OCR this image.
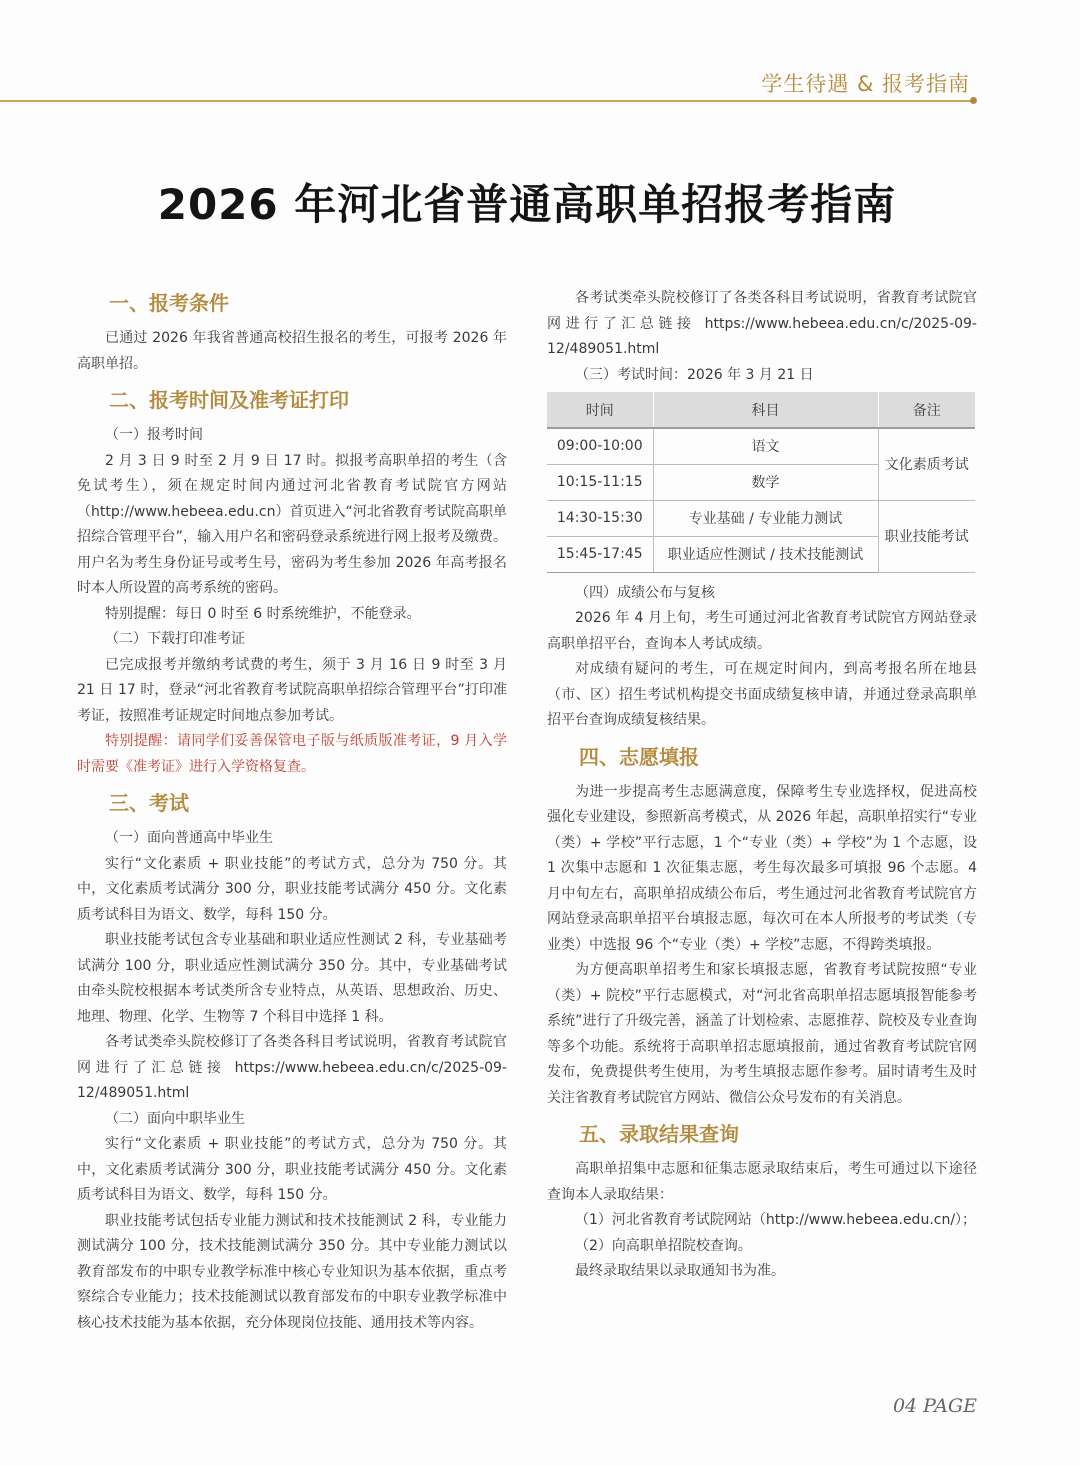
学生待遇 & 报考指南
2026 年河北省普通高职单招报考指南
一、报考条件

已通过 2026 年我省普通高校招生报名的考生，可报考 2026 年高职单招。

二、报考时间及准考证打印
（一）报考时间

2 月 3 日 9 时至 2 月 9 日 17 时。拟报考高职单招的考生（含免试考生），须在规定时间内通过河北省教育考试院官方网站（http://www.hebeea.edu.cn）首页进入“河北省教育考试院高职单招综合管理平台”，输入用户名和密码登录系统进行网上报考及缴费。用户名为考生身份证号或考生号，密码为考生参加 2026 年高考报名时本人所设置的高考系统的密码。

特别提醒：每日 0 时至 6 时系统维护，不能登录。

（二）下载打印准考证

已完成报考并缴纳考试费的考生，须于 3 月 16 日 9 时至 3 月 21 日 17 时，登录“河北省教育考试院高职单招综合管理平台”打印准考证，按照准考证规定时间地点参加考试。

特别提醒：请同学们妥善保管电子版与纸质版准考证，9 月入学时需要《准考证》进行入学资格复查。

三、考试
（一）面向普通高中毕业生

实行“文化素质 + 职业技能”的考试方式，总分为 750 分。其中，文化素质考试满分 300 分，职业技能考试满分 450 分。文化素质考试科目为语文、数学，每科 150 分。

职业技能考试包含专业基础和职业适应性测试 2 科，专业基础考试满分 100 分，职业适应性测试满分 350 分。其中，专业基础考试由牵头院校根据本考试类所含专业特点，从英语、思想政治、历史、地理、物理、化学、生物等 7 个科目中选择 1 科。

各考试类牵头院校修订了各类各科目考试说明，省教育考试院官网进行了汇总链接 https://www.hebeea.edu.cn/c/2025-09-12/489051.html

（二）面向中职毕业生

实行“文化素质 + 职业技能”的考试方式，总分为 750 分。其中，文化素质考试满分 300 分，职业技能考试满分 450 分。文化素质考试科目为语文、数学，每科 150 分。

职业技能考试包括专业能力测试和技术技能测试 2 科，专业能力测试满分 100 分，技术技能测试满分 350 分。其中专业能力测试以教育部发布的中职专业教学标准中核心专业知识为基本依据，重点考察综合专业能力；技术技能测试以教育部发布的中职专业教学标准中核心技术技能为基本依据，充分体现岗位技能、通用技术等内容。

各考试类牵头院校修订了各类各科目考试说明，省教育考试院官网进行了汇总链接 https://www.hebeea.edu.cn/c/2025-09-12/489051.html

（三）考试时间：2026 年 3 月 21 日
时间	科目	备注
09:00-10:00	语文	文化素质考试
10:15-11:15	数学	
14:30-15:30	专业基础 / 专业能力测试	职业技能考试
15:45-17:45	职业适应性测试 / 技术技能测试	
（四）成绩公布与复核

2026 年 4 月上旬，考生可通过河北省教育考试院官方网站登录高职单招平台，查询本人考试成绩。

对成绩有疑问的考生，可在规定时间内，到高考报名所在地县（市、区）招生考试机构提交书面成绩复核申请，并通过登录高职单招平台查询成绩复核结果。

四、志愿填报

为进一步提高考生志愿满意度，保障考生专业选择权，促进高校强化专业建设，参照新高考模式，从 2026 年起，高职单招实行“专业（类）+ 学校”平行志愿，1 个“专业（类）+ 学校”为 1 个志愿，设 1 次集中志愿和 1 次征集志愿，考生每次最多可填报 96 个志愿。4 月中旬左右，高职单招成绩公布后，考生通过河北省教育考试院官方网站登录高职单招平台填报志愿，每次可在本人所报考的考试类（专业类）中选报 96 个“专业（类）+ 学校”志愿，不得跨类填报。

为方便高职单招考生和家长填报志愿，省教育考试院按照“专业（类）+ 院校”平行志愿模式，对“河北省高职单招志愿填报智能参考系统”进行了升级完善，涵盖了计划检索、志愿推荐、院校及专业查询等多个功能。系统将于高职单招志愿填报前，通过省教育考试院官网发布，免费提供考生使用，为考生填报志愿作参考。届时请考生及时关注省教育考试院官方网站、微信公众号发布的有关消息。

五、录取结果查询

高职单招集中志愿和征集志愿录取结束后，考生可通过以下途径查询本人录取结果：

（1）河北省教育考试院网站（http://www.hebeea.edu.cn/）；

（2）向高职单招院校查询。

最终录取结果以录取通知书为准。

04 PAGE
